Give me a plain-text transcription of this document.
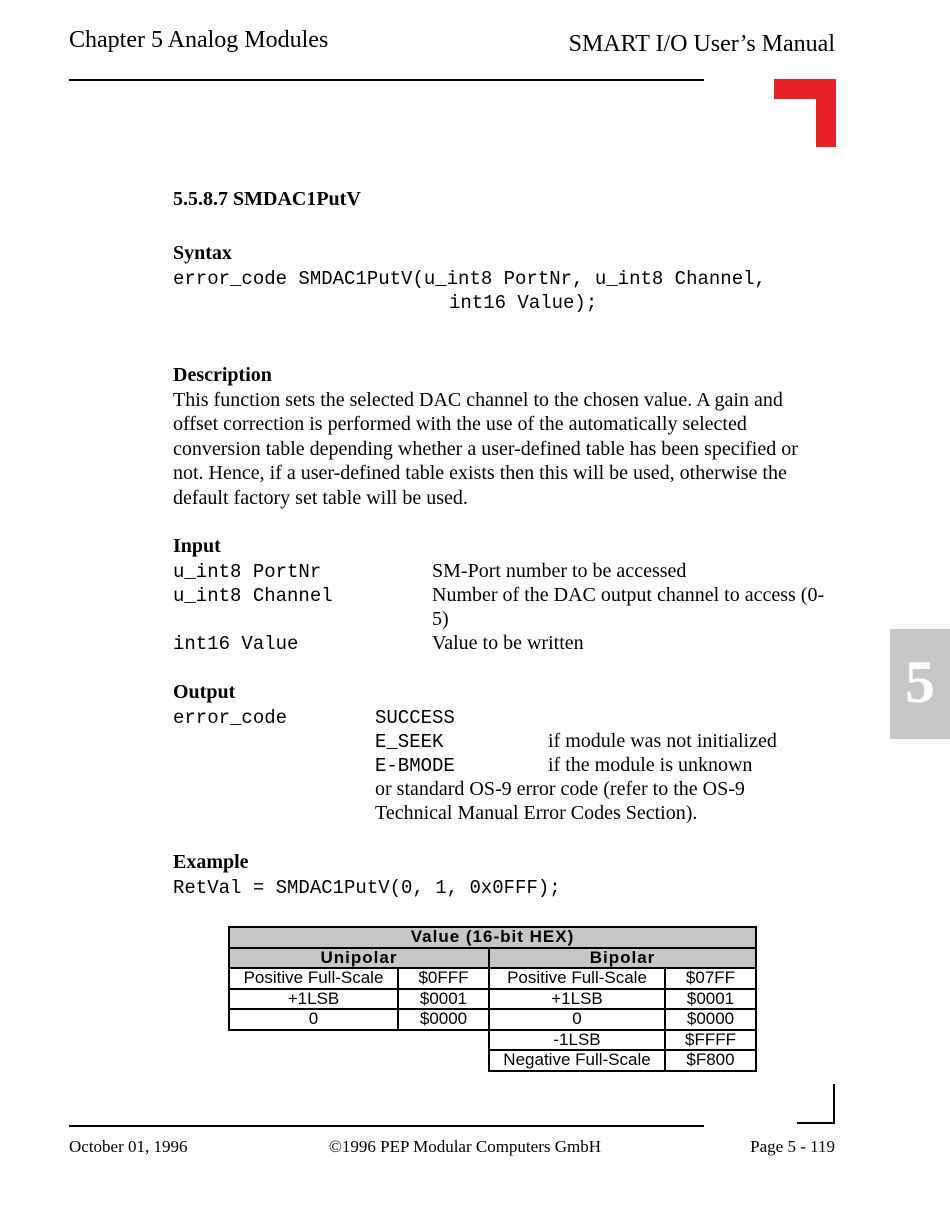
Chapter 5 Analog Modules	SMART I/O User’s Manual
5
5.5.8.7 SMDAC1PutV
Syntax
error_code SMDAC1PutV(u_int8 PortNr, u_int8 Channel,
int16 Value);
Description
This function sets the selected DAC channel to the chosen value. A gain and offset correction is performed with the use of the automatically selected conversion table depending whether a user-defined table has been specified or not. Hence, if a user-defined table exists then this will be used, otherwise the default factory set table will be used.
Input
u_int8 PortNr	SM-Port number to be accessed
u_int8 Channel	Number of the DAC output channel to access (0-5)
int16 Value	Value to be written
Output
error_code	SUCCESS
E_SEEK	if module was not initialized
E-BMODE	if the module is unknown
or standard OS-9 error code (refer to the OS-9 Technical Manual Error Codes Section).
Example
RetVal = SMDAC1PutV(0, 1, 0x0FFF);
Value (16-bit HEX)			
Unipolar		Bipolar	
Positive Full-Scale	$0FFF	Positive Full-Scale	$07FF
+1LSB	$0001	+1LSB	$0001
0	$0000	0	$0000
		-1LSB	$FFFF
		Negative Full-Scale	$F800
October 01, 1996	©1996 PEP Modular Computers GmbH	Page 5 - 119
